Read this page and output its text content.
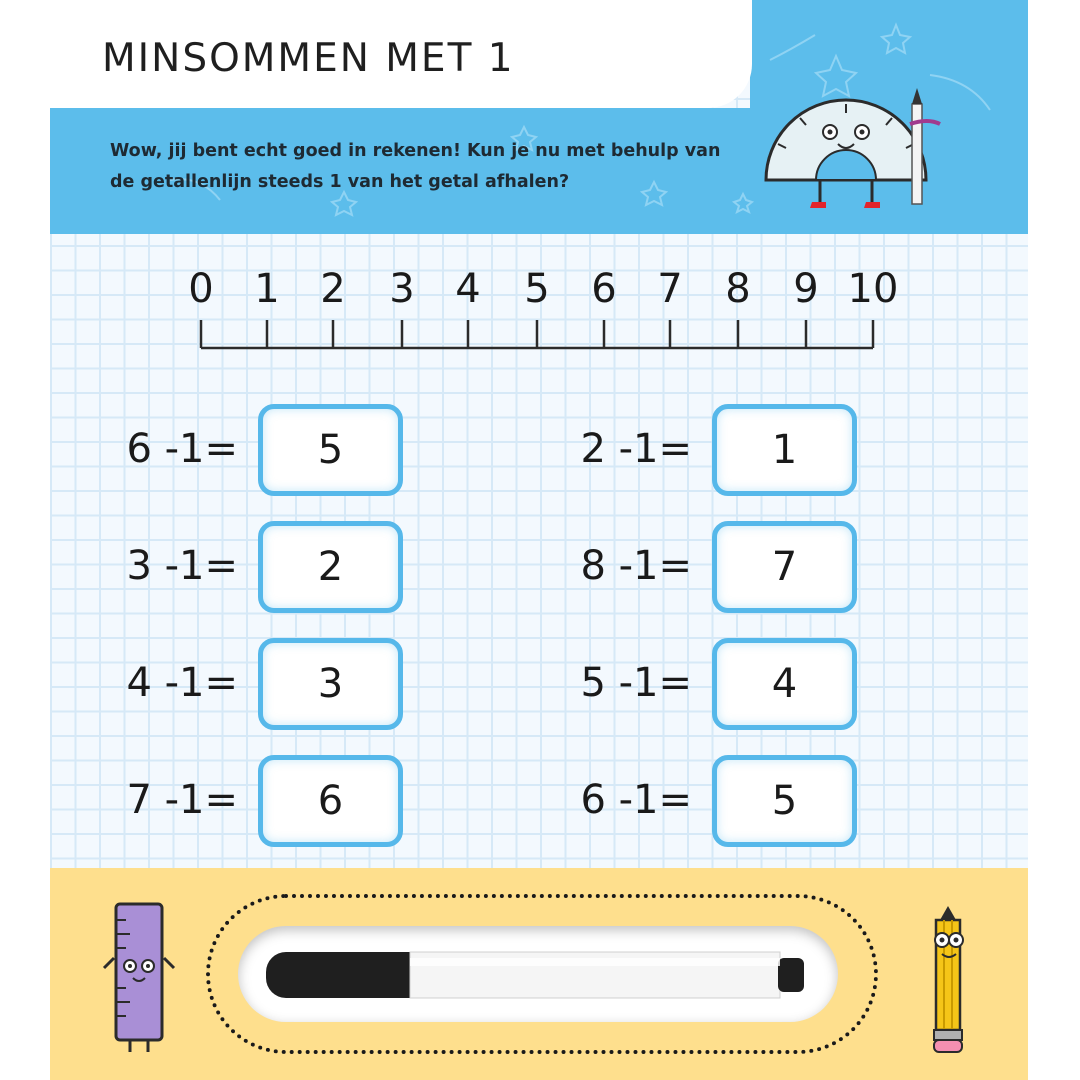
MINSOMMEN MET 1

Wow, jij bent echt goed in rekenen! Kun je nu met behulp van de getallenlijn steeds 1 van het getal afhalen?

0	1	2	3	4	5	6	7	8	9 10
6 -1=	5
3 -1=	2
4 -1=	3
7 -1=	6
2 -1=	1
8 -1=	7
5 -1=	4
6 -1=	5
